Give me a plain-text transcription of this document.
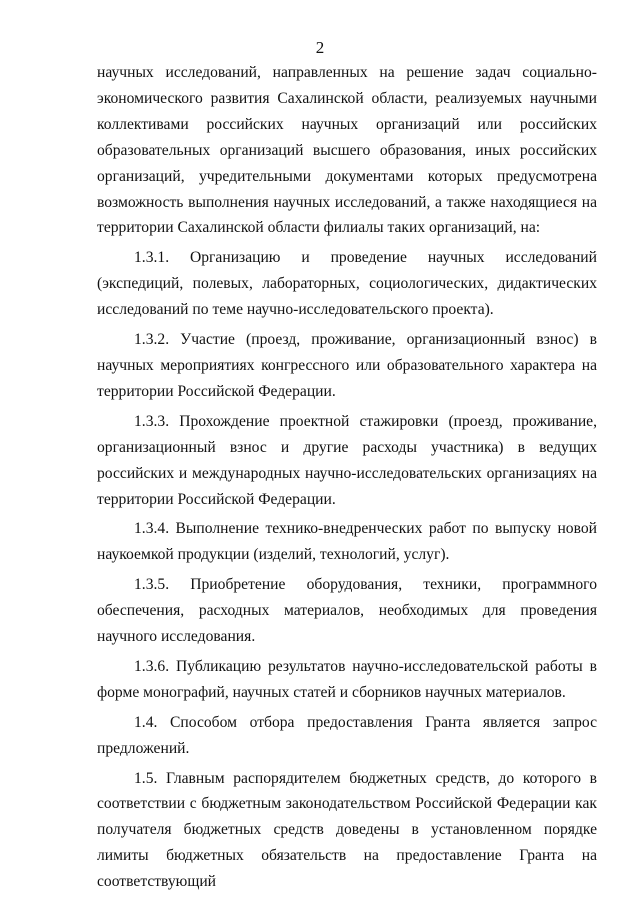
2

научных исследований, направленных на решение задач социально-экономического развития Сахалинской области, реализуемых научными коллективами российских научных организаций или российских образовательных организаций высшего образования, иных российских организаций, учредительными документами которых предусмотрена возможность выполнения научных исследований, а также находящиеся на территории Сахалинской области филиалы таких организаций, на:

1.3.1. Организацию и проведение научных исследований (экспедиций, полевых, лабораторных, социологических, дидактических исследований по теме научно-исследовательского проекта).

1.3.2. Участие (проезд, проживание, организационный взнос) в научных мероприятиях конгрессного или образовательного характера на территории Российской Федерации.

1.3.3. Прохождение проектной стажировки (проезд, проживание, организационный взнос и другие расходы участника) в ведущих российских и международных научно-исследовательских организациях на территории Российской Федерации.

1.3.4. Выполнение технико-внедренческих работ по выпуску новой наукоемкой продукции (изделий, технологий, услуг).

1.3.5. Приобретение оборудования, техники, программного обеспечения, расходных материалов, необходимых для проведения научного исследования.

1.3.6. Публикацию результатов научно-исследовательской работы в форме монографий, научных статей и сборников научных материалов.

1.4. Способом отбора предоставления Гранта является запрос предложений.

1.5. Главным распорядителем бюджетных средств, до которого в соответствии с бюджетным законодательством Российской Федерации как получателя бюджетных средств доведены в установленном порядке лимиты бюджетных обязательств на предоставление Гранта на соответствующий
